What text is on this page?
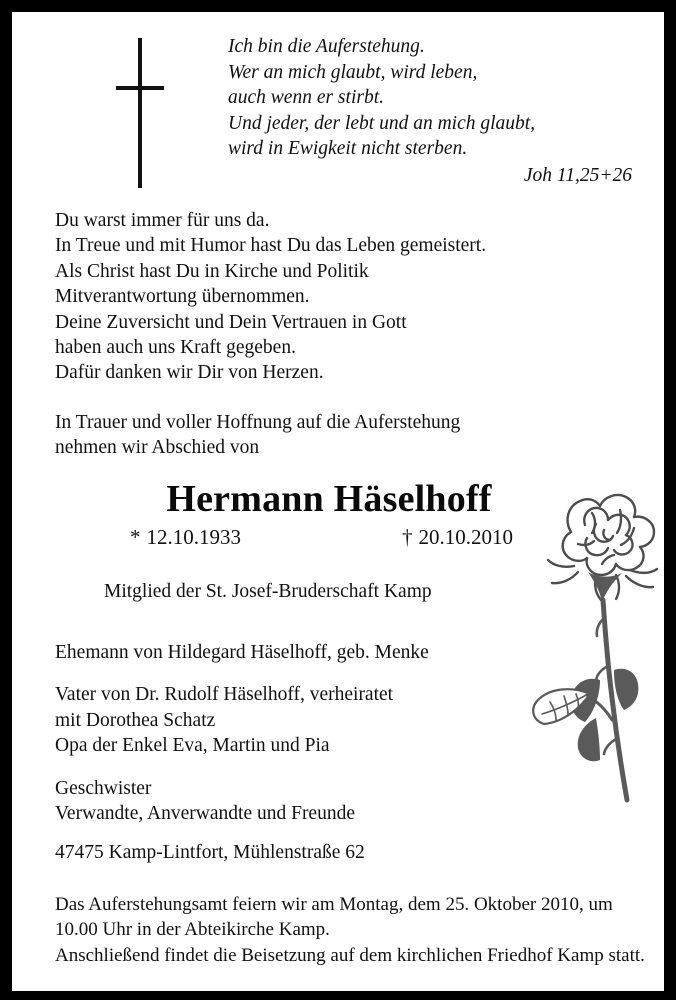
Ich bin die Auferstehung.
Wer an mich glaubt, wird leben,
auch wenn er stirbt.
Und jeder, der lebt und an mich glaubt,
wird in Ewigkeit nicht sterben.
Joh 11,25+26
Du warst immer für uns da.
In Treue und mit Humor hast Du das Leben gemeistert.
Als Christ hast Du in Kirche und Politik
Mitverantwortung übernommen.
Deine Zuversicht und Dein Vertrauen in Gott
haben auch uns Kraft gegeben.
Dafür danken wir Dir von Herzen.
In Trauer und voller Hoffnung auf die Auferstehung
nehmen wir Abschied von
Hermann Häselhoff
* 12.10.1933	† 20.10.2010
Mitglied der St. Josef-Bruderschaft Kamp
Ehemann von Hildegard Häselhoff, geb. Menke
Vater von Dr. Rudolf Häselhoff, verheiratet
mit Dorothea Schatz
Opa der Enkel Eva, Martin und Pia
Geschwister
Verwandte, Anverwandte und Freunde
47475 Kamp-Lintfort, Mühlenstraße 62

Das Auferstehungsamt feiern wir am Montag, dem 25. Oktober 2010, um 10.00 Uhr in der Abteikirche Kamp.

Anschließend findet die Beisetzung auf dem kirchlichen Friedhof Kamp statt.
